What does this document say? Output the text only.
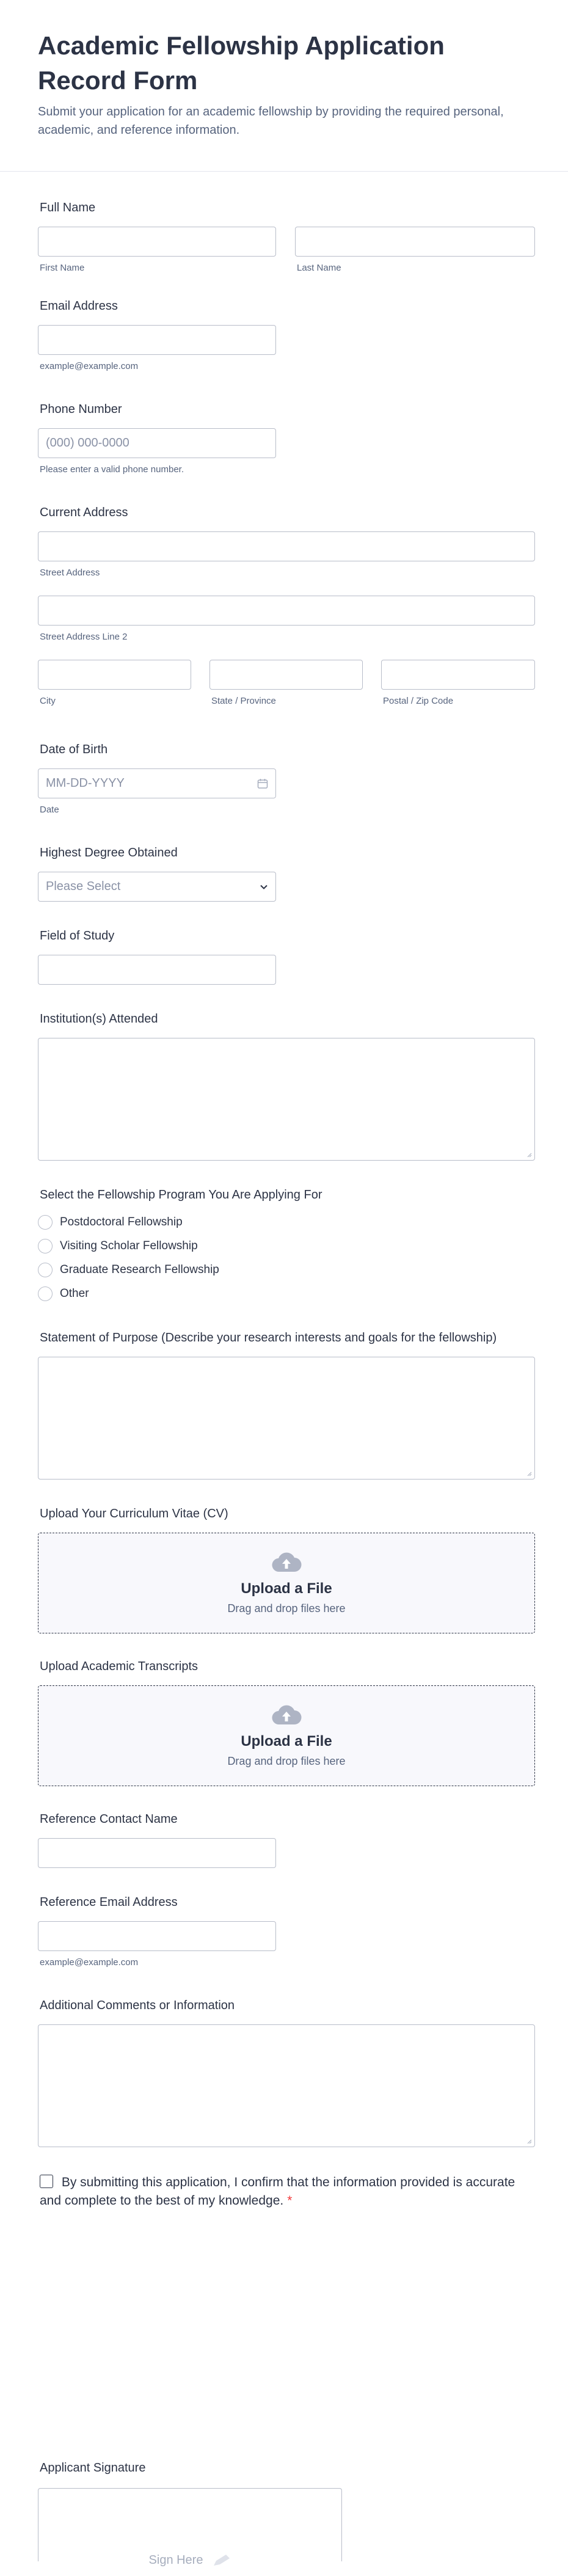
Academic Fellowship Application Record Form

Submit your application for an academic fellowship by providing the required personal, academic, and reference information.

Full Name
First Name	Last Name
Email Address
example@example.com
Phone Number
(000) 000-0000
Please enter a valid phone number.
Current Address
Street Address
Street Address Line 2
City	State / Province	Postal / Zip Code
Date of Birth
MM-DD-YYYY
Date
Highest Degree Obtained
Please Select
Field of Study
Institution(s) Attended
Select the Fellowship Program You Are Applying For
Postdoctoral Fellowship
Visiting Scholar Fellowship
Graduate Research Fellowship
Other
Statement of Purpose (Describe your research interests and goals for the fellowship)
Upload Your Curriculum Vitae (CV)
Upload a File
Drag and drop files here
Upload Academic Transcripts
Upload a File
Drag and drop files here
Reference Contact Name
Reference Email Address
example@example.com
Additional Comments or Information
By submitting this application, I confirm that the information provided is accurate and complete to the best of my knowledge. *
Applicant Signature
Sign Here
